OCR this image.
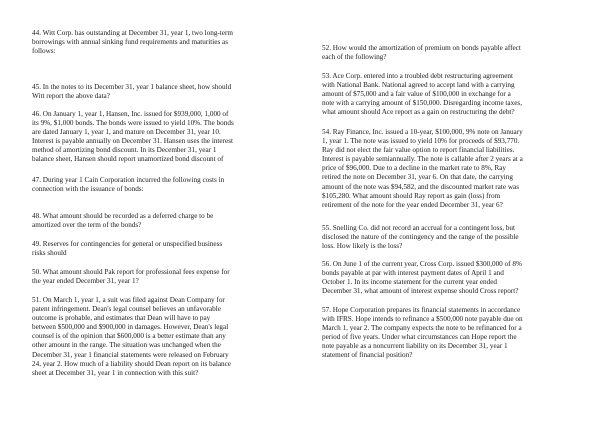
44. Witt Corp. has outstanding at December 31, year 1, two long-term
borrowings with annual sinking fund requirements and maturities as
follows:

45. In the notes to its December 31, year 1 balance sheet, how should
Witt report the above data?

46. On January 1, year 1, Hansen, Inc. issued for $939,000, 1,000 of
its 9%, $1,000 bonds. The bonds were issued to yield 10%. The bonds
are dated January 1, year 1, and mature on December 31, year 10.
Interest is payable annually on December 31. Hansen uses the interest
method of amortizing bond discount. In its December 31, year 1
balance sheet, Hansen should report unamortized bond discount of

47. During year 1 Cain Corporation incurred the following costs in
connection with the issuance of bonds:

48. What amount should be recorded as a deferred charge to be
amortized over the term of the bonds?

49. Reserves for contingencies for general or unspecified business
risks should

50. What amount should Pak report for professional fees expense for
the year ended December 31, year 1?

51. On March 1, year 1, a suit was filed against Dean Company for
patent infringement. Dean's legal counsel believes an unfavorable
outcome is probable, and estimates that Dean will have to pay
between $500,000 and $900,000 in damages. However, Dean's legal
counsel is of the opinion that $600,000 is a better estimate than any
other amount in the range. The situation was unchanged when the
December 31, year 1 financial statements were released on February
24, year 2. How much of a liability should Dean report on its balance
sheet at December 31, year 1 in connection with this suit?

52. How would the amortization of premium on bonds payable affect
each of the following?

53. Ace Corp. entered into a troubled debt restructuring agreement
with National Bank. National agreed to accept land with a carrying
amount of $75,000 and a fair value of $100,000 in exchange for a
note with a carrying amount of $150,000. Disregarding income taxes,
what amount should Ace report as a gain on restructuring the debt?

54. Ray Finance, Inc. issued a 10-year, $100,000, 9% note on January
1, year 1. The note was issued to yield 10% for proceeds of $93,770.
Ray did not elect the fair value option to report financial liabilities.
Interest is payable semiannually. The note is callable after 2 years at a
price of $96,000. Due to a decline in the market rate to 8%, Ray
retired the note on December 31, year 6. On that date, the carrying
amount of the note was $94,582, and the discounted market rate was
$105,280. What amount should Ray report as gain (loss) from
retirement of the note for the year ended December 31, year 6?

55. Snelling Co. did not record an accrual for a contingent loss, but
disclosed the nature of the contingency and the range of the possible
loss. How likely is the loss?

56. On June 1 of the current year, Cross Corp. issued $300,000 of 8%
bonds payable at par with interest payment dates of April 1 and
October 1. In its income statement for the current year ended
December 31, what amount of interest expense should Cross report?

57. Hope Corporation prepares its financial statements in accordance
with IFRS. Hope intends to refinance a $500,000 note payable due on
March 1, year 2. The company expects the note to be refinanced for a
period of five years. Under what circumstances can Hope report the
note payable as a noncurrent liability on its December 31, year 1
statement of financial position?
